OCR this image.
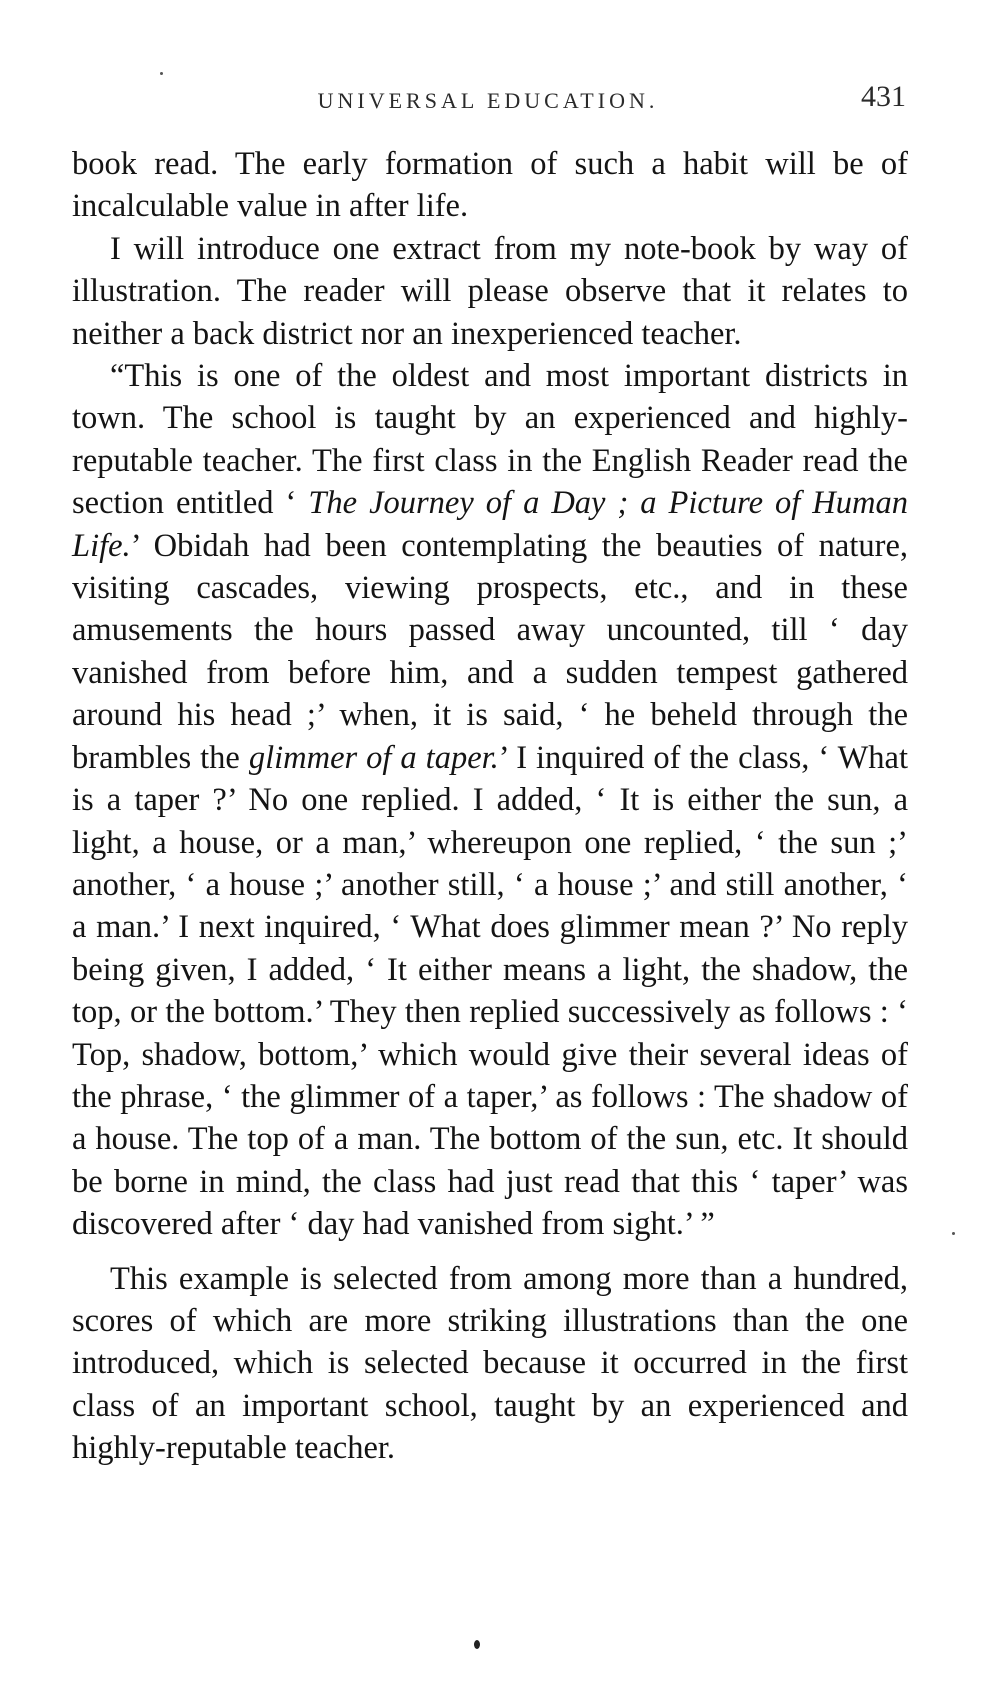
UNIVERSAL EDUCATION.	431

book read. The early formation of such a habit will be of incalculable value in after life.

I will introduce one extract from my note-book by way of illustration. The reader will please observe that it relates to neither a back district nor an inexperienced teacher.

“This is one of the oldest and most important districts in town. The school is taught by an experienced and highly-reputable teacher. The first class in the English Reader read the section entitled ‘ The Journey of a Day ; a Picture of Human Life.’ Obidah had been contemplating the beauties of nature, visiting cascades, viewing prospects, etc., and in these amusements the hours passed away uncounted, till ‘ day vanished from before him, and a sudden tempest gathered around his head ;’ when, it is said, ‘ he beheld through the brambles the glimmer of a taper.’ I inquired of the class, ‘ What is a taper ?’ No one replied. I added, ‘ It is either the sun, a light, a house, or a man,’ whereupon one replied, ‘ the sun ;’ another, ‘ a house ;’ another still, ‘ a house ;’ and still another, ‘ a man.’ I next inquired, ‘ What does glimmer mean ?’ No reply being given, I added, ‘ It either means a light, the shadow, the top, or the bottom.’ They then replied successively as follows : ‘ Top, shadow, bottom,’ which would give their several ideas of the phrase, ‘ the glimmer of a taper,’ as follows : The shadow of a house. The top of a man. The bottom of the sun, etc. It should be borne in mind, the class had just read that this ‘ taper’ was discovered after ‘ day had vanished from sight.’ ”

This example is selected from among more than a hundred, scores of which are more striking illustrations than the one introduced, which is selected because it occurred in the first class of an important school, taught by an experienced and highly-reputable teacher.
